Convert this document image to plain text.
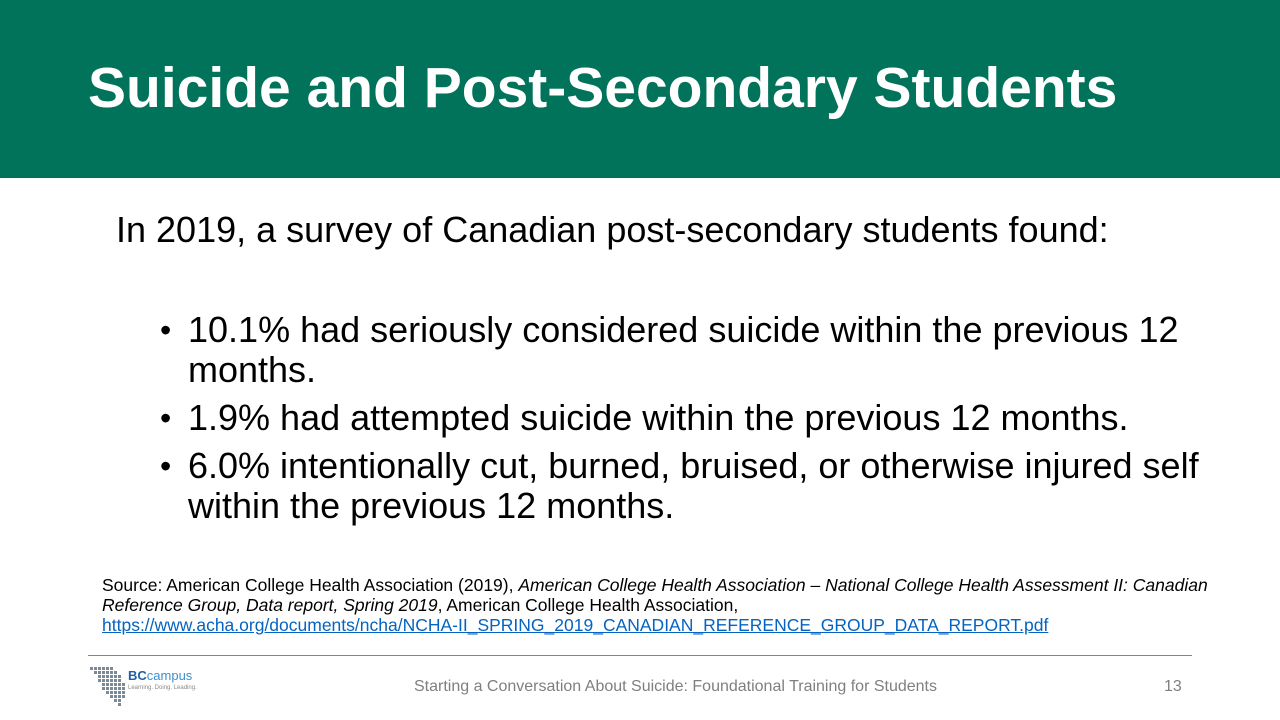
Suicide and Post-Secondary Students
In 2019, a survey of Canadian post-secondary students found:
• 10.1% had seriously considered suicide within the previous 12 months.
• 1.9% had attempted suicide within the previous 12 months.
• 6.0% intentionally cut, burned, bruised, or otherwise injured self within the previous 12 months.
Source: American College Health Association (2019), American College Health Association – National College Health Assessment II: Canadian Reference Group, Data report, Spring 2019, American College Health Association,
https://www.acha.org/documents/ncha/NCHA-II_SPRING_2019_CANADIAN_REFERENCE_GROUP_DATA_REPORT.pdf
BCcampus
Learning. Doing. Leading.	Starting a Conversation About Suicide: Foundational Training for Students	13
